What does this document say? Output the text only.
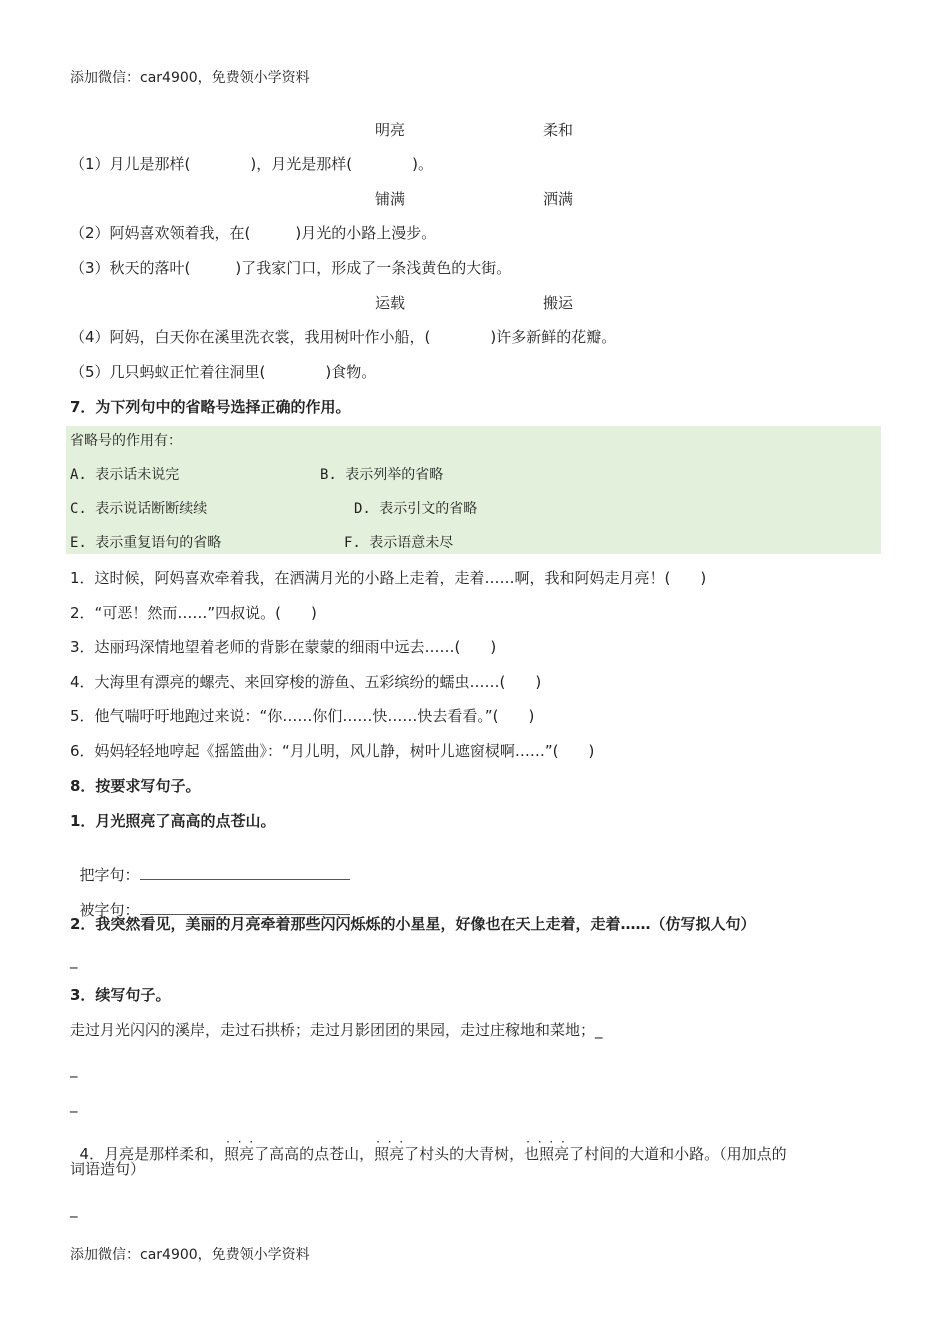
添加微信：car4900，免费领小学资料
明亮	柔和
（1）月儿是那样(　　　　)，月光是那样(　　　　)。
铺满	洒满
（2）阿妈喜欢领着我，在(　　　)月光的小路上漫步。
（3）秋天的落叶(　　　)了我家门口，形成了一条浅黄色的大街。
运载	搬运
（4）阿妈，白天你在溪里洗衣裳，我用树叶作小船，(　　　　)许多新鲜的花瓣。
（5）几只蚂蚁正忙着往洞里(　　　　)食物。
7．为下列句中的省略号选择正确的作用。
省略号的作用有：
A. 表示话未说完	B. 表示列举的省略
C. 表示说话断断续续	D. 表示引文的省略
E. 表示重复语句的省略	F. 表示语意未尽
1．这时候，阿妈喜欢牵着我，在洒满月光的小路上走着，走着……啊，我和阿妈走月亮！(　　)
2．“可恶！然而……”四叔说。(　　)
3．达丽玛深情地望着老师的背影在蒙蒙的细雨中远去……(　　)
4．大海里有漂亮的螺壳、来回穿梭的游鱼、五彩缤纷的蠕虫……(　　)
5．他气喘吁吁地跑过来说：“你……你们……快……快去看看。”(　　)
6．妈妈轻轻地哼起《摇篮曲》：“月儿明，风儿静，树叶儿遮窗棂啊……”(　　)
8．按要求写句子。
1．月光照亮了高高的点苍山。

把字句：

被字句：

2．我突然看见，美丽的月亮牵着那些闪闪烁烁的小星星，好像也在天上走着，走着……（仿写拟人句）
_
3．续写句子。
走过月光闪闪的溪岸，走过石拱桥；走过月影团团的果园，走过庄稼地和菜地；_
_
_

4．月亮是那样柔和，照亮了 · · ·高高的点苍山，照亮了 · · ·村头的大青树，也照亮了 · · · ·村间的大道和小路。（用加点的

词语造句）
_
添加微信：car4900，免费领小学资料
